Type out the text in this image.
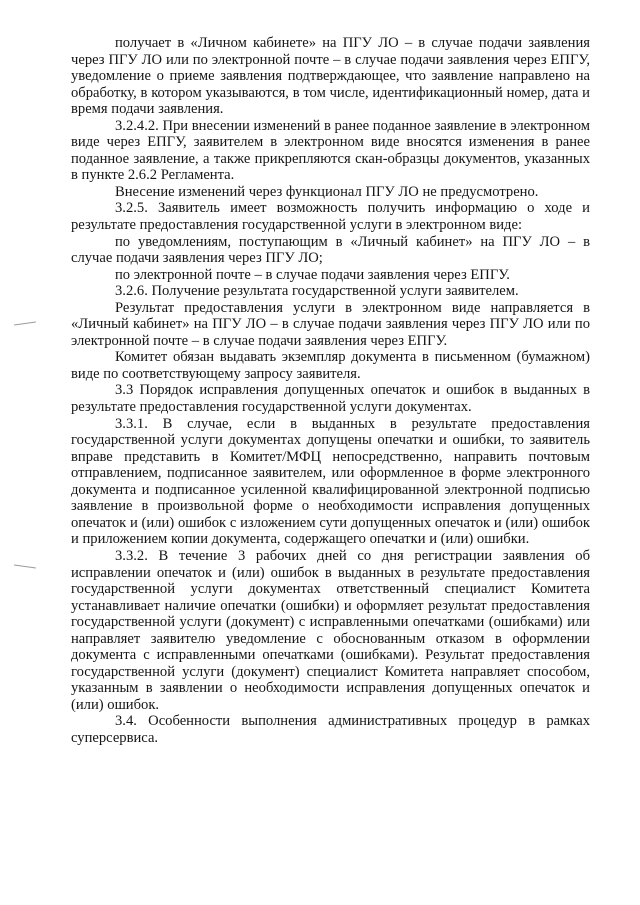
получает в «Личном кабинете» на ПГУ ЛО – в случае подачи заявления через ПГУ ЛО или по электронной почте – в случае подачи заявления через ЕПГУ, уведомление о приеме заявления подтверждающее, что заявление направлено на обработку, в котором указываются, в том числе, идентификационный номер, дата и время подачи заявления.

3.2.4.2. При внесении изменений в ранее поданное заявление в электронном виде через ЕПГУ, заявителем в электронном виде вносятся изменения в ранее поданное заявление, а также прикрепляются скан-образцы документов, указанных в пункте 2.6.2 Регламента.

Внесение изменений через функционал ПГУ ЛО не предусмотрено.

3.2.5. Заявитель имеет возможность получить информацию о ходе и результате предоставления государственной услуги в электронном виде:

по уведомлениям, поступающим в «Личный кабинет» на ПГУ ЛО – в случае подачи заявления через ПГУ ЛО;

по электронной почте – в случае подачи заявления через ЕПГУ.

3.2.6. Получение результата государственной услуги заявителем.

Результат предоставления услуги в электронном виде направляется в «Личный кабинет» на ПГУ ЛО – в случае подачи заявления через ПГУ ЛО или по электронной почте – в случае подачи заявления через ЕПГУ.

Комитет обязан выдавать экземпляр документа в письменном (бумажном) виде по соответствующему запросу заявителя.

3.3 Порядок исправления допущенных опечаток и ошибок в выданных в результате предоставления государственной услуги документах.

3.3.1. В случае, если в выданных в результате предоставления государственной услуги документах допущены опечатки и ошибки, то заявитель вправе представить в Комитет/МФЦ непосредственно, направить почтовым отправлением, подписанное заявителем, или оформленное в форме электронного документа и подписанное усиленной квалифицированной электронной подписью заявление в произвольной форме о необходимости исправления допущенных опечаток и (или) ошибок с изложением сути допущенных опечаток и (или) ошибок и приложением копии документа, содержащего опечатки и (или) ошибки.

3.3.2. В течение 3 рабочих дней со дня регистрации заявления об исправлении опечаток и (или) ошибок в выданных в результате предоставления государственной услуги документах ответственный специалист Комитета устанавливает наличие опечатки (ошибки) и оформляет результат предоставления государственной услуги (документ) с исправленными опечатками (ошибками) или направляет заявителю уведомление с обоснованным отказом в оформлении документа с исправленными опечатками (ошибками). Результат предоставления государственной услуги (документ) специалист Комитета направляет способом, указанным в заявлении о необходимости исправления допущенных опечаток и (или) ошибок.

3.4. Особенности выполнения административных процедур в рамках суперсервиса.
